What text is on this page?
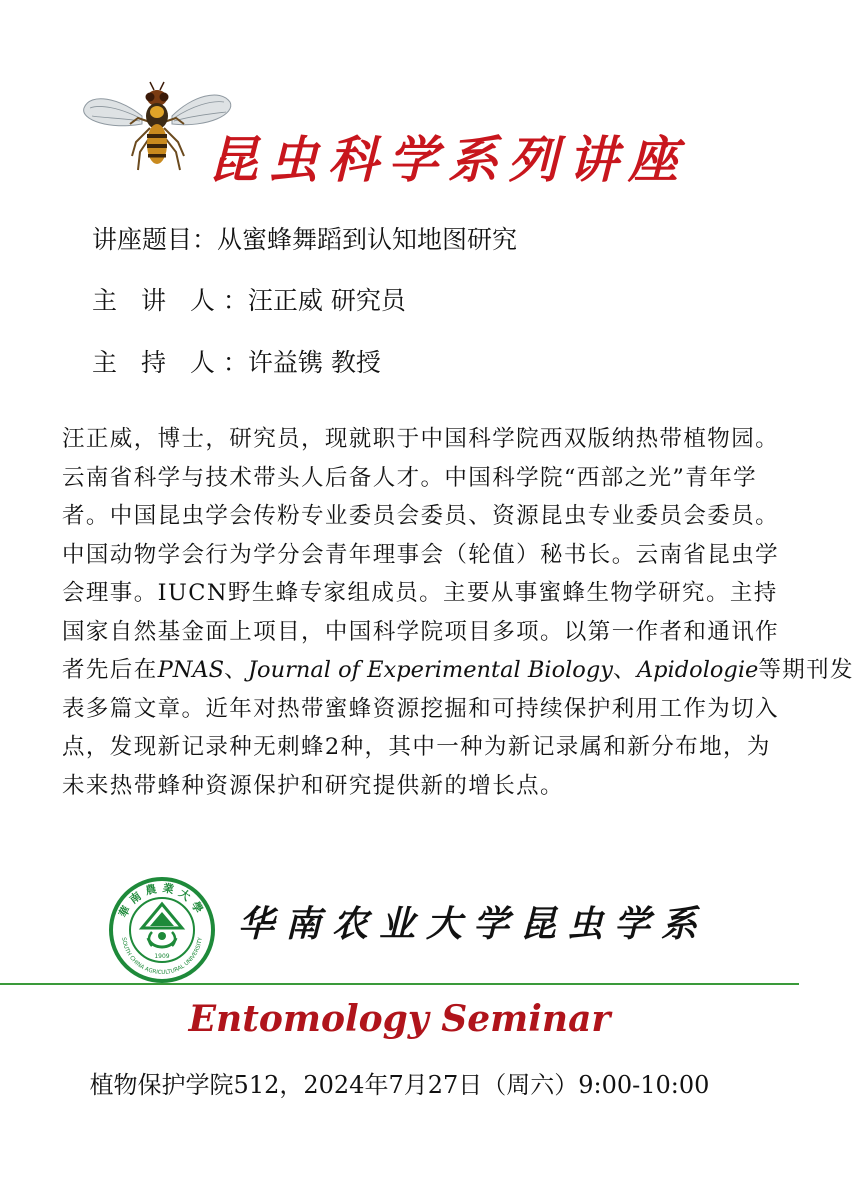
昆虫科学系列讲座
讲座题目：从蜜蜂舞蹈到认知地图研究
主 讲 人：汪正威 研究员
主 持 人：许益镌 教授
汪正威，博士，研究员，现就职于中国科学院西双版纳热带植物园。
云南省科学与技术带头人后备人才。中国科学院“西部之光”青年学
者。中国昆虫学会传粉专业委员会委员、资源昆虫专业委员会委员。
中国动物学会行为学分会青年理事会（轮值）秘书长。云南省昆虫学
会理事。IUCN野生蜂专家组成员。主要从事蜜蜂生物学研究。主持
国家自然基金面上项目，中国科学院项目多项。以第一作者和通讯作
者先后在PNAS、Journal of Experimental Biology、Apidologie等期刊发
表多篇文章。近年对热带蜜蜂资源挖掘和可持续保护利用工作为切入
点，发现新记录种无刺蜂2种，其中一种为新记录属和新分布地，为
未来热带蜂种资源保护和研究提供新的增长点。
華南農業大學
SOUTH CHINA AGRICULTURAL UNIVERSITY
1909
华南农业大学昆虫学系
Entomology Seminar
植物保护学院512，2024年7月27日（周六）9:00-10:00
